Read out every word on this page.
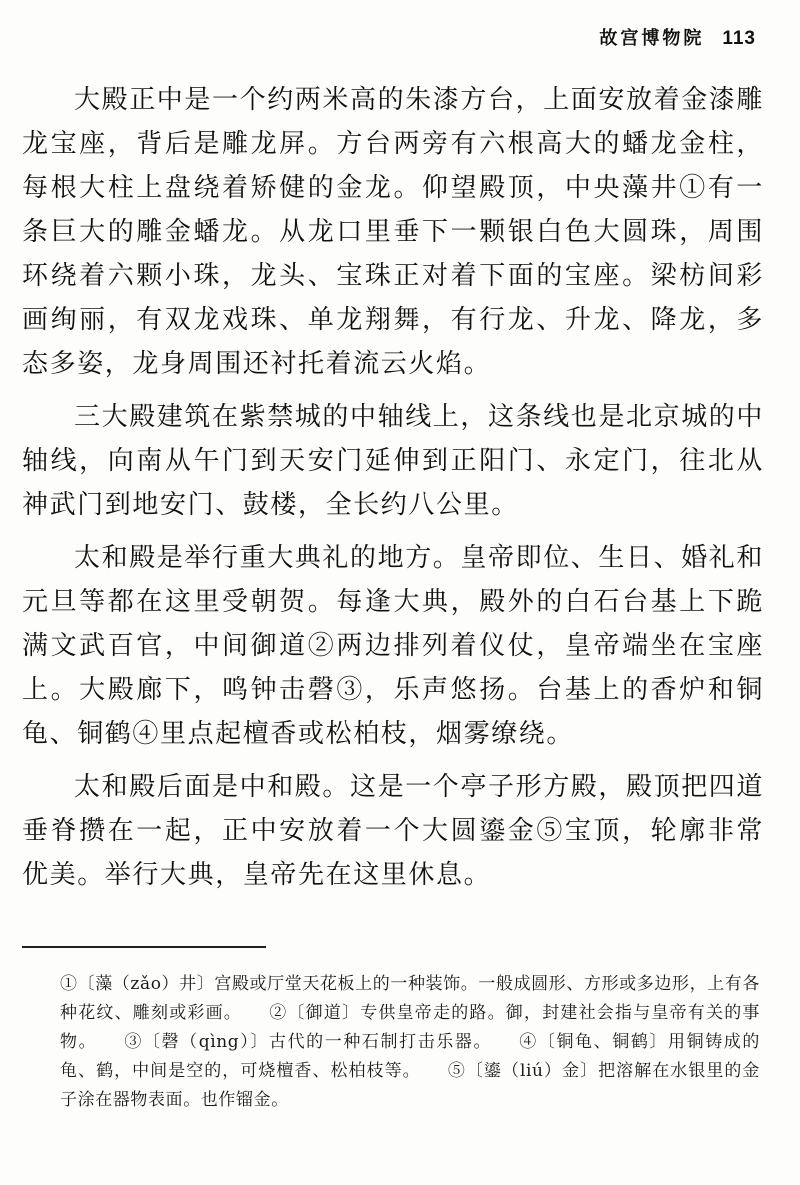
故宫博物院 113

大殿正中是一个约两米高的朱漆方台，上面安放着金漆雕龙宝座，背后是雕龙屏。方台两旁有六根高大的蟠龙金柱，每根大柱上盘绕着矫健的金龙。仰望殿顶，中央藻井①有一条巨大的雕金蟠龙。从龙口里垂下一颗银白色大圆珠，周围环绕着六颗小珠，龙头、宝珠正对着下面的宝座。梁枋间彩画绚丽，有双龙戏珠、单龙翔舞，有行龙、升龙、降龙，多态多姿，龙身周围还衬托着流云火焰。

三大殿建筑在紫禁城的中轴线上，这条线也是北京城的中轴线，向南从午门到天安门延伸到正阳门、永定门，往北从神武门到地安门、鼓楼，全长约八公里。

太和殿是举行重大典礼的地方。皇帝即位、生日、婚礼和元旦等都在这里受朝贺。每逢大典，殿外的白石台基上下跪满文武百官，中间御道②两边排列着仪仗，皇帝端坐在宝座上。大殿廊下，鸣钟击磬③，乐声悠扬。台基上的香炉和铜龟、铜鹤④里点起檀香或松柏枝，烟雾缭绕。

太和殿后面是中和殿。这是一个亭子形方殿，殿顶把四道垂脊攒在一起，正中安放着一个大圆鎏金⑤宝顶，轮廓非常优美。举行大典，皇帝先在这里休息。

①〔藻（zǎo）井〕宫殿或厅堂天花板上的一种装饰。一般成圆形、方形或多边形，上有各种花纹、雕刻或彩画。 ②〔御道〕专供皇帝走的路。御，封建社会指与皇帝有关的事物。 ③〔磬（qìng）〕古代的一种石制打击乐器。 ④〔铜龟、铜鹤〕用铜铸成的龟、鹤，中间是空的，可烧檀香、松柏枝等。 ⑤〔鎏（liú）金〕把溶解在水银里的金子涂在器物表面。也作镏金。
